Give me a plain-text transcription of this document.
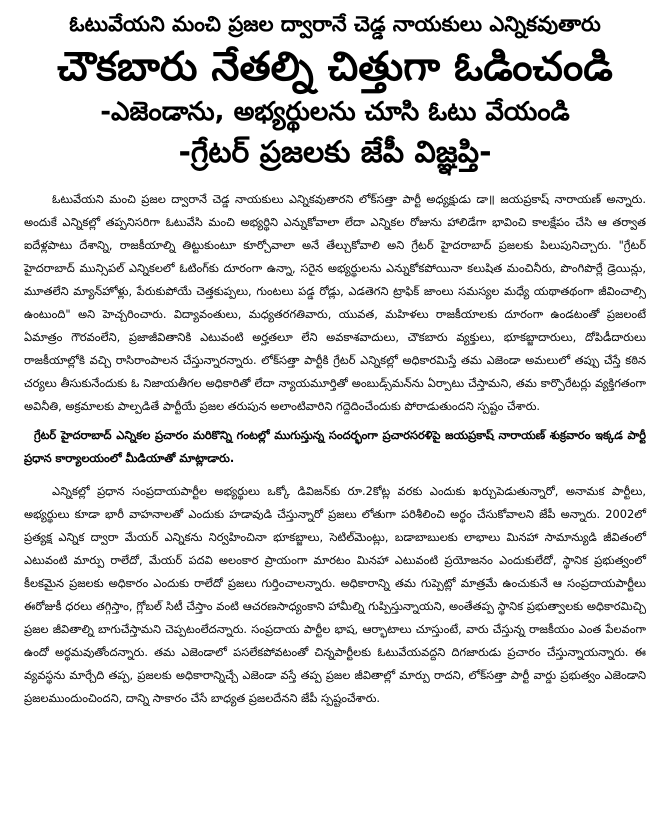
ఓటువేయని మంచి ప్రజల ద్వారానే చెడ్డ నాయకులు ఎన్నికవుతారు
చౌకబారు నేతల్ని చిత్తుగా ఓడించండి
-ఎజెండాను, అభ్యర్థులను చూసి ఓటు వేయండి
-గ్రేటర్ ప్రజలకు జేపీ విజ్ఞప్తి-

ఓటువేయని మంచి ప్రజల ద్వారానే చెడ్డ నాయకులు ఎన్నికవుతారని లోక్‌సత్తా పార్టీ అధ్యక్షుడు డా॥ జయప్రకాష్ నారాయణ్ అన్నారు. అందుకే ఎన్నికల్లో తప్పనిసరిగా ఓటువేసి మంచి అభ్యర్థిని ఎన్నుకోవాలా లేదా ఎన్నికల రోజును హాలిడేగా భావించి కాలక్షేపం చేసి ఆ తర్వాత ఐదేళ్లపాటు దేశాన్ని, రాజకీయాల్ని తిట్టుకుంటూ కూర్చోవాలా అనే తేల్చుకోవాలి అని గ్రేటర్ హైదరాబాద్ ప్రజలకు పిలుపునిచ్చారు. "గ్రేటర్ హైదరాబాద్ మున్సిపల్ ఎన్నికలలో ఓటింగ్‌కు దూరంగా ఉన్నా, సరైన అభ్యర్థులను ఎన్నుకోకపోయినా కలుషిత మంచినీరు, పొంగిపొర్లే డ్రెయిన్లు, మూతలేని మ్యాన్‌హోళ్లు, పేరుకుపోయే చెత్తకుప్పలు, గుంటలు పడ్డ రోడ్లు, ఎడతెగని ట్రాఫిక్ జాంలు సమస్యల మధ్యే యథాతథంగా జీవించాల్సి ఉంటుంది" అని హెచ్చరించారు. విద్యావంతులు, మధ్యతరగతివారు, యువత, మహిళలు రాజకీయాలకు దూరంగా ఉండటంతో ప్రజలంటే ఏమాత్రం గౌరవంలేని, ప్రజాజీవితానికి ఎటువంటి అర్హతలూ లేని అవకాశవాదులు, చౌకబారు వ్యక్తులు, భూకబ్జాదారులు, దోపిడీదారులు రాజకీయాల్లోకి వచ్చి రాసిరాంపాలన చేస్తున్నారన్నారు. లోక్‌సత్తా పార్టీకి గ్రేటర్ ఎన్నికల్లో అధికారమిస్తే తమ ఎజెండా అమలులో తప్పు చేస్తే కఠిన చర్యలు తీసుకునేందుకు ఓ నిజాయతీగల అధికారితో లేదా న్యాయమూర్తితో అంబుడ్స్‌మన్‌ను ఏర్పాటు చేస్తామని, తమ కార్పొరేటర్లు వ్యక్తిగతంగా అవినీతి, అక్రమాలకు పాల్పడితే పార్టీయే ప్రజల తరుపున అలాంటివారిని గద్దెదించేందుకు పోరాడుతుందని స్పష్టం చేశారు.

గ్రేటర్ హైదరాబాద్ ఎన్నికల ప్రచారం మరికొన్ని గంటల్లో ముగుస్తున్న సందర్భంగా ప్రచారసరళిపై జయప్రకాష్ నారాయణ్ శుక్రవారం ఇక్కడ పార్టీ ప్రధాన కార్యాలయంలో మీడియాతో మాట్లాడారు.

ఎన్నికల్లో ప్రధాన సంప్రదాయపార్టీల అభ్యర్థులు ఒక్కో డివిజన్‌కు రూ.2కోట్ల వరకు ఎందుకు ఖర్చుపెడుతున్నారో, అనామక పార్టీలు, అభ్యర్థులు కూడా భారీ వాహనాలతో ఎందుకు హడావుడి చేస్తున్నారో ప్రజలు లోతుగా పరిశీలించి అర్థం చేసుకోవాలని జేపీ అన్నారు. 2002లో ప్రత్యక్ష ఎన్నిక ద్వారా మేయర్ ఎన్నికను నిర్వహించినా భూకబ్జాలు, సెటిల్‌మెంట్లు, బడాబాబులకు లాభాలు మినహా సామాన్యుడి జీవితంలో ఎటువంటి మార్పు రాలేదో, మేయర్ పదవి అలంకార ప్రాయంగా మారటం మినహా ఎటువంటి ప్రయోజనం ఎందుకులేదో, స్థానిక ప్రభుత్వంలో కీలకమైన ప్రజలకు అధికారం ఎందుకు రాలేదో ప్రజలు గుర్తించాలన్నారు. అధికారాన్ని తమ గుప్పెట్లో మాత్రమే ఉంచుకునే ఆ సంప్రదాయపార్టీలు ఈరోజుకీ ధరలు తగ్గిస్తాం, గ్లోబల్ సిటీ చేస్తాం వంటి ఆచరణసాధ్యంకాని హామీల్ని గుప్పిస్తున్నాయని, అంతేతప్ప స్థానిక ప్రభుత్వాలకు అధికారమిచ్చి ప్రజల జీవితాల్ని బాగుచేస్తామని చెప్పటంలేదన్నారు. సంప్రదాయ పార్టీల భాష, ఆర్భాటాలు చూస్తుంటే, వారు చేస్తున్న రాజకీయం ఎంత పేలవంగా ఉందో అర్థమవుతోందన్నారు. తమ ఎజెండాలో పసలేకపోవటంతో చిన్నపార్టీలకు ఓటువేయవద్దని దిగజారుడు ప్రచారం చేస్తున్నాయన్నారు. ఈ వ్యవస్థను మార్చేది తప్ప, ప్రజలకు అధికారాన్నిచ్చే ఎజెండా వస్తే తప్ప ప్రజల జీవితాల్లో మార్పు రాదని, లోక్‌సత్తా పార్టీ వార్డు ప్రభుత్వం ఎజెండాని ప్రజలముందుంచిందని, దాన్ని సాకారం చేసే బాధ్యత ప్రజలదేనని జేపీ స్పష్టంచేశారు.
